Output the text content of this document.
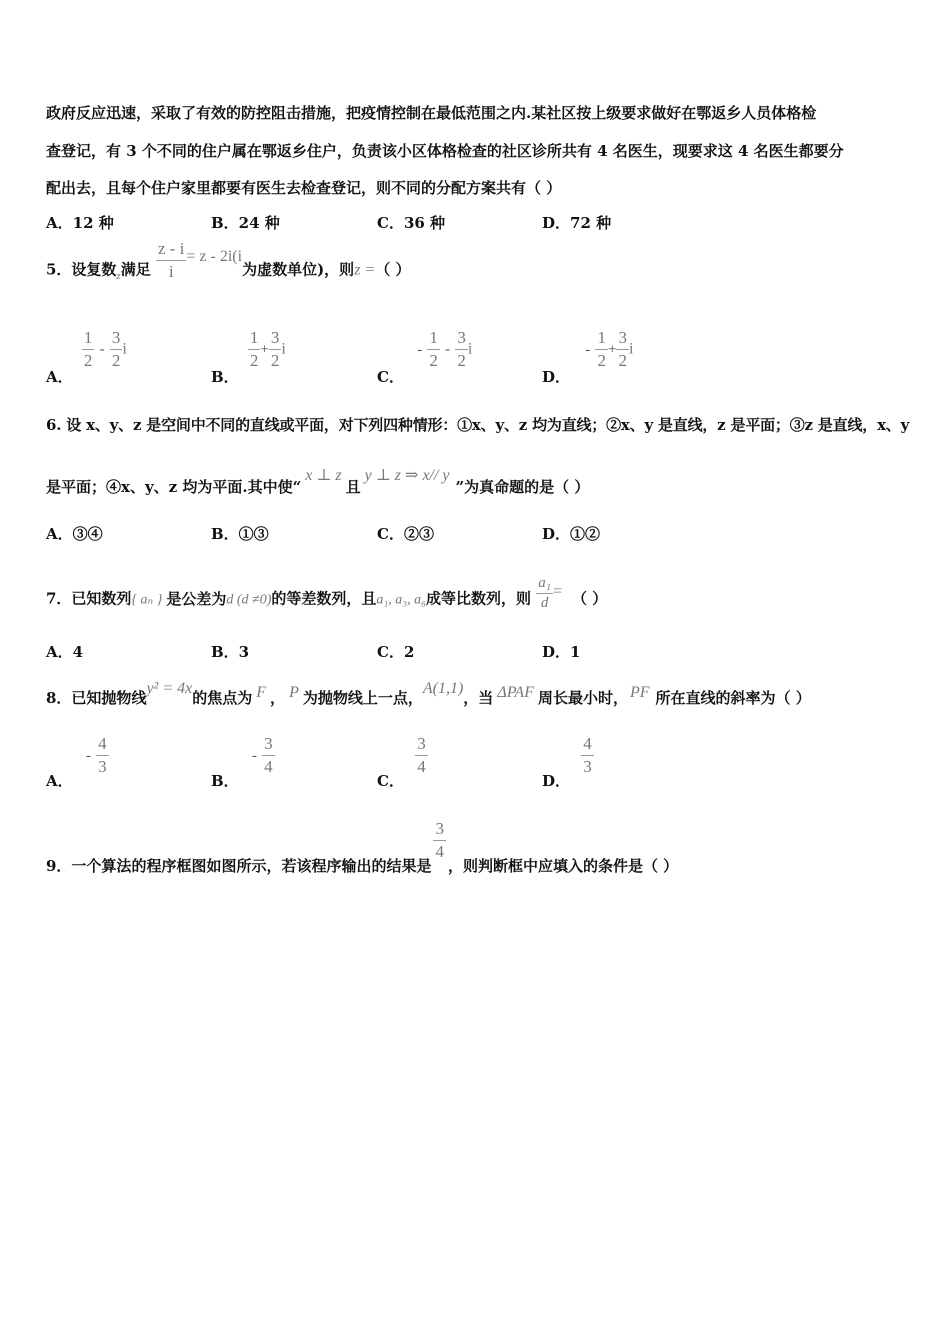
政府反应迅速，采取了有效的防控阻击措施，把疫情控制在最低范围之内.某社区按上级要求做好在鄂返乡人员体格检
查登记，有 3 个不同的住户属在鄂返乡住户，负责该小区体格检查的社区诊所共有 4 名医生，现要求这 4 名医生都要分
配出去，且每个住户家里都要有医生去检查登记，则不同的分配方案共有（ ）
A．12 种	B．24 种	C．36 种	D．72 种
5．设复数$_z$满足 $\frac{z - i}{i} = z - 2i(i$为虚数单位)，则z =（ ）
A．
$\frac{1}{2} - \frac{3}{2}$ i
B．
$\frac{1}{2} + \frac{3}{2}$ i
C． - $\frac{1}{2} - \frac{3}{2}$ i
D． - $\frac{1}{2} + \frac{3}{2}$ i
6. 设 x、y、z 是空间中不同的直线或平面，对下列四种情形：①x、y、z 均为直线；②x、y 是直线，z 是平面；③z 是直线，x、y
是平面；④x、y、z 均为平面.其中使“x ⊥ z且y ⊥ z ⇒ x// y”为真命题的是（ ）
A．③④	B．①③	C．②③	D．①②
7．已知数列{ aₙ } 是公差为d (d ≠0)的等差数列，且a₁, a₃, a₆成等比数列，则 $\frac{\text{a₁}}{d}$ = （ ）
A．4	B．3	C．2	D．1
8．已知抛物线y² = 4x的焦点为 F ， P 为抛物线上一点，A(1,1)，当 ΔPAF 周长最小时， PF 所在直线的斜率为（ ）
A． - $\frac{4}{3}$
B． - $\frac{3}{4}$
C．
$\frac{3}{4}$
D．
$\frac{4}{3}$
9．一个算法的程序框图如图所示，若该程序输出的结果是
$\frac{3}{4}$
，则判断框中应填入的条件是（ ）
